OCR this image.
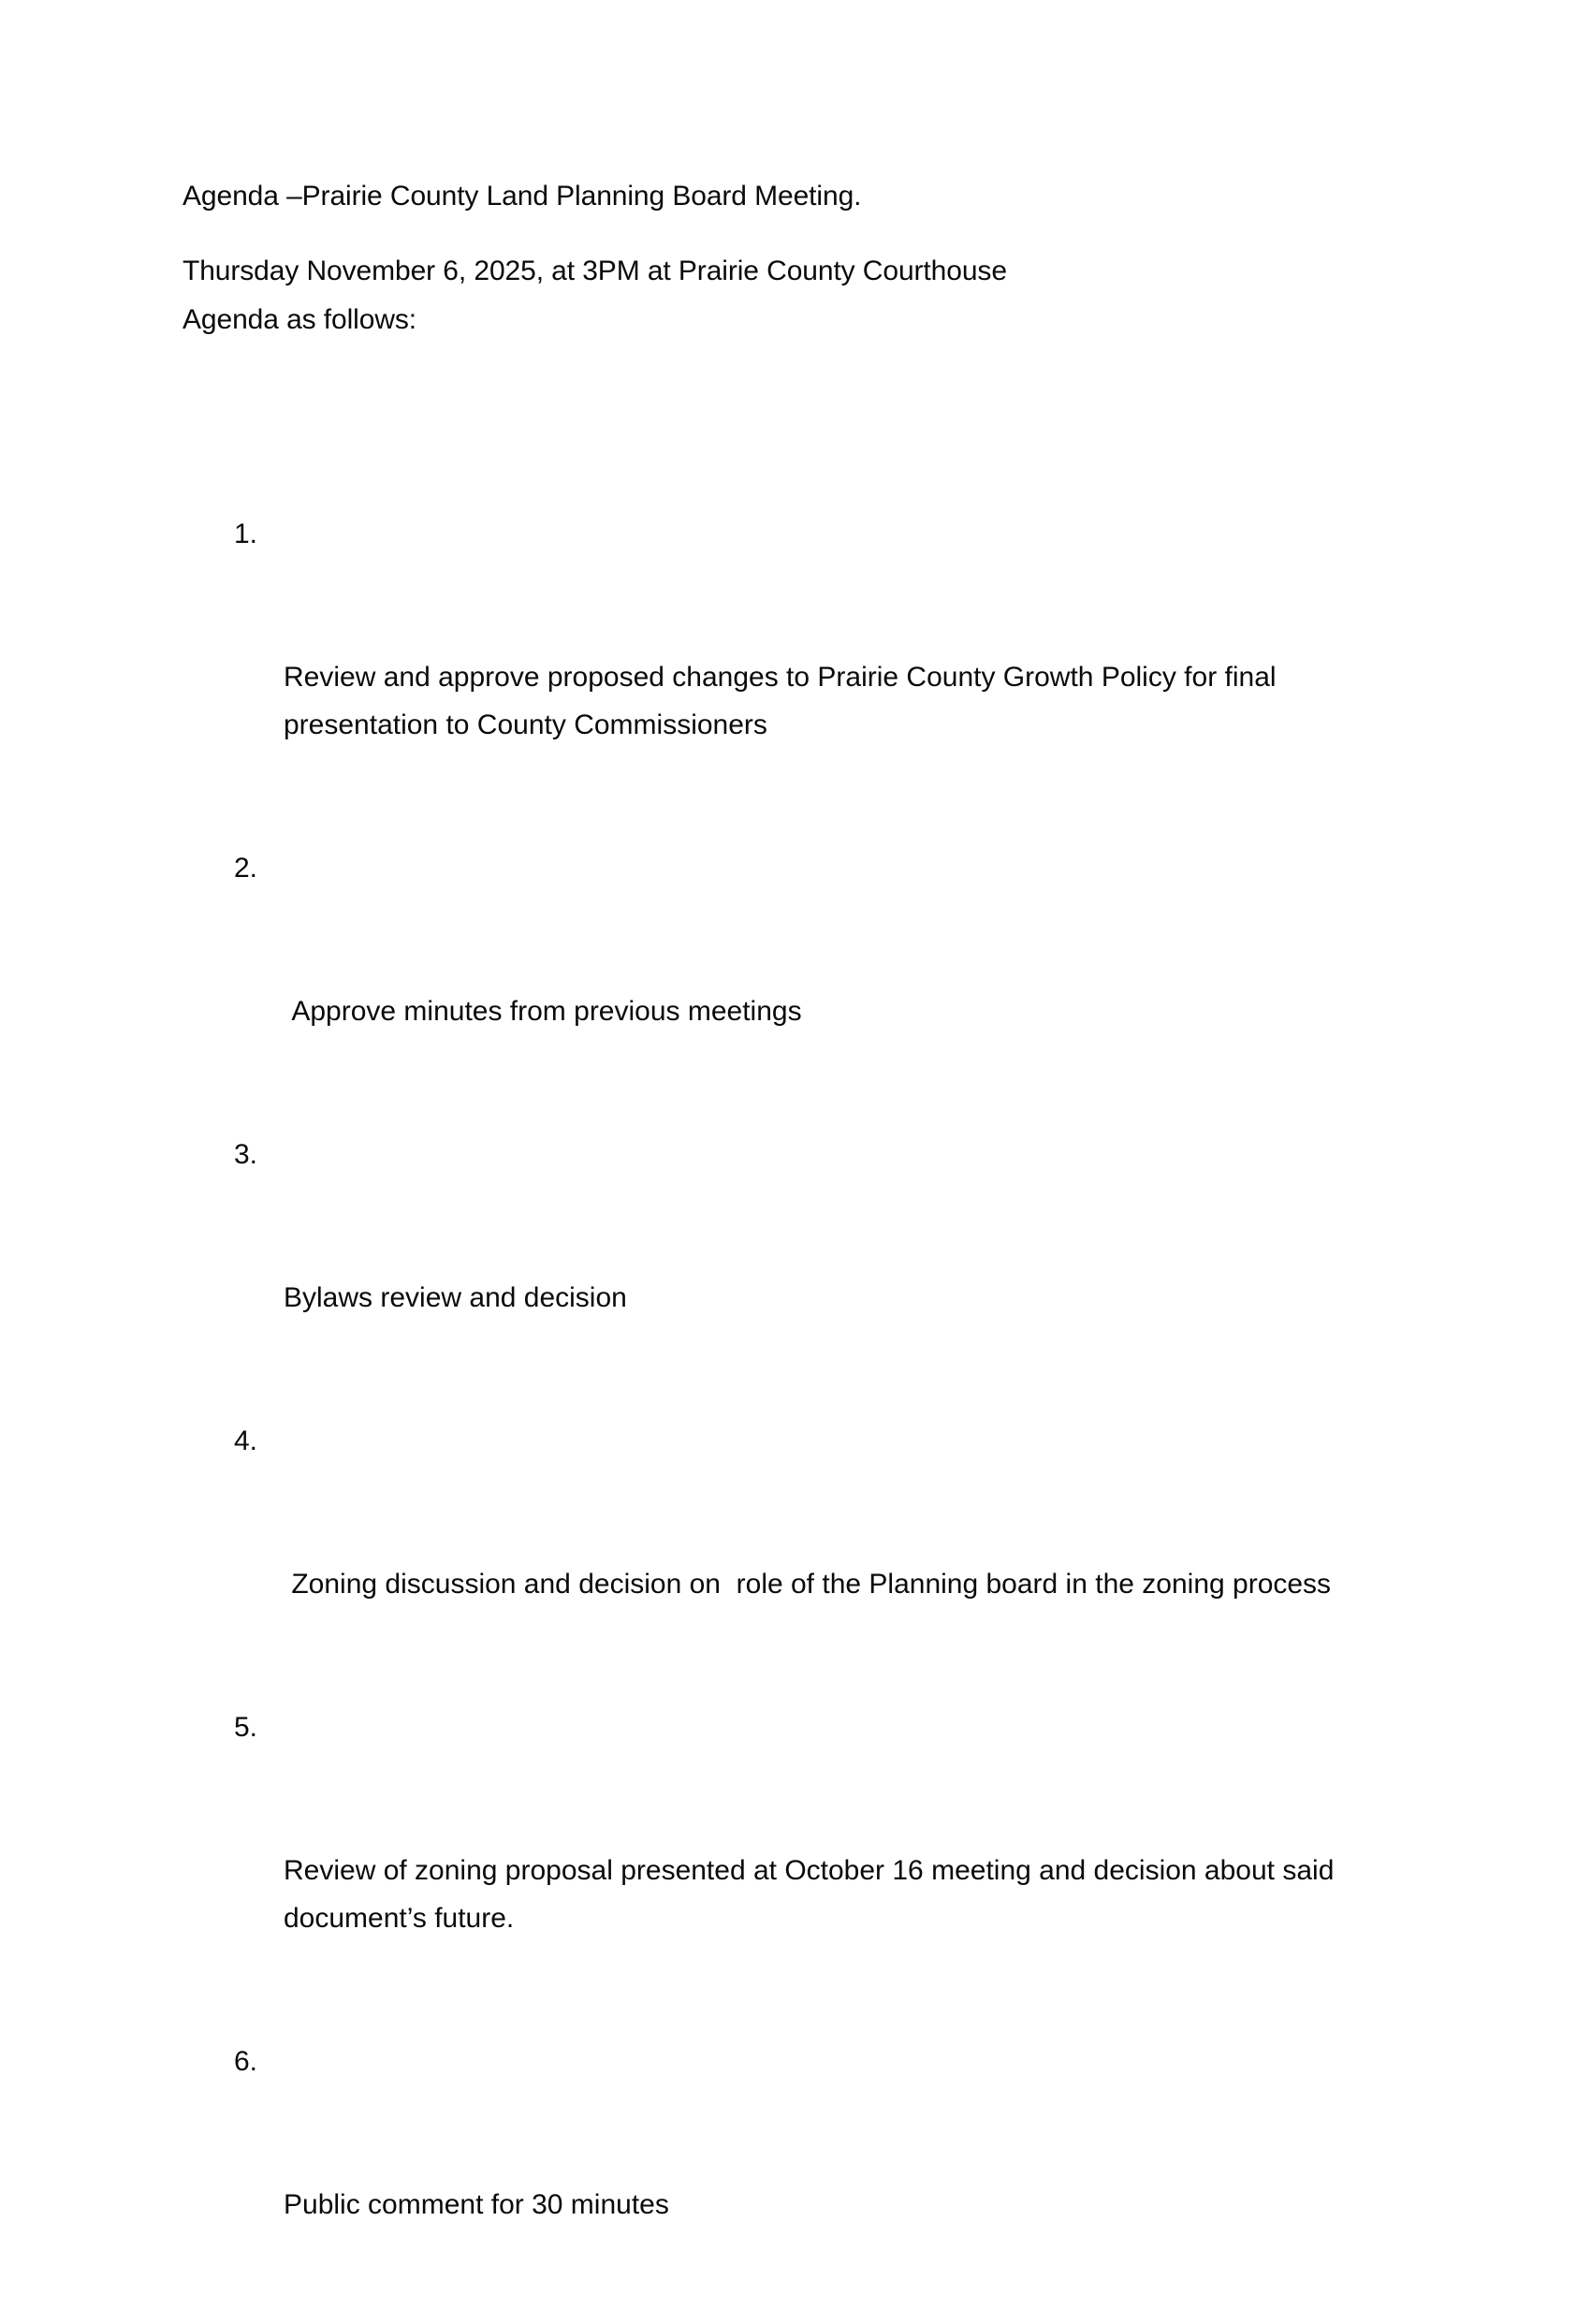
Agenda –Prairie County Land Planning Board Meeting.
Thursday November 6, 2025, at 3PM at Prairie County Courthouse
Agenda as follows:

1.

Review and approve proposed changes to Prairie County Growth Policy for final presentation to County Commissioners

2.

Approve minutes from previous meetings

3.

Bylaws review and decision

4.

Zoning discussion and decision on  role of the Planning board in the zoning process

5.

Review of zoning proposal presented at October 16 meeting and decision about said document’s future.

6.

Public comment for 30 minutes
